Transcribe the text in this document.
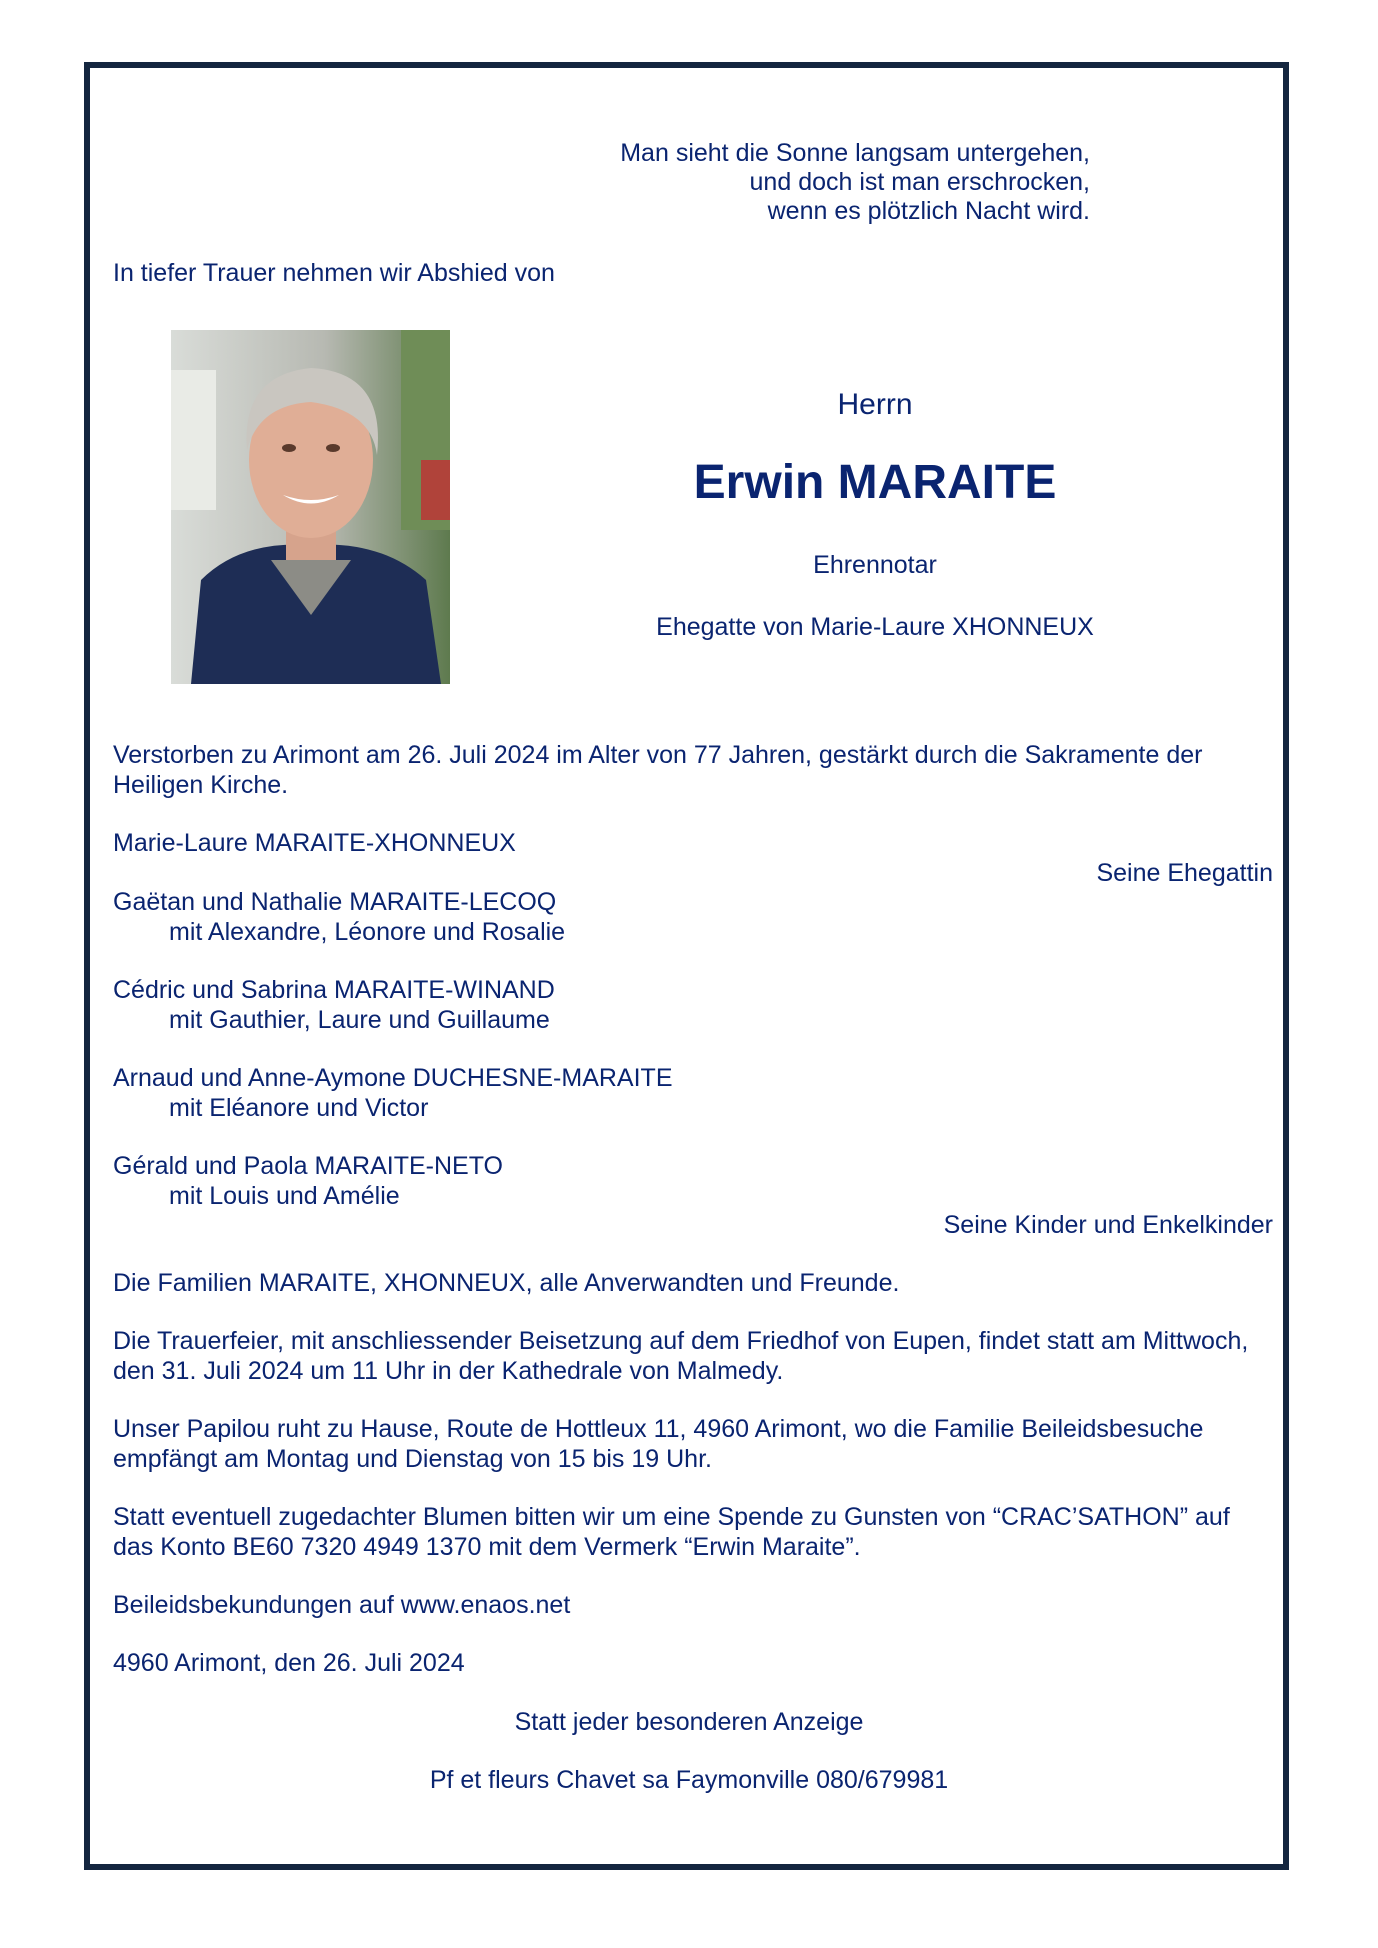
Man sieht die Sonne langsam untergehen,
und doch ist man erschrocken,
wenn es plötzlich Nacht wird.
In tiefer Trauer nehmen wir Abshied von
Herrn
Erwin MARAITE
Ehrennotar
Ehegatte von Marie-Laure XHONNEUX
Verstorben zu Arimont am 26. Juli 2024 im Alter von 77 Jahren, gestärkt durch die Sakramente der Heiligen Kirche.
Marie-Laure MARAITE-XHONNEUX
Seine Ehegattin
Gaëtan und Nathalie MARAITE-LECOQ
mit Alexandre, Léonore und Rosalie
Cédric und Sabrina MARAITE-WINAND
mit Gauthier, Laure und Guillaume
Arnaud und Anne-Aymone DUCHESNE-MARAITE
mit Eléanore und Victor
Gérald und Paola MARAITE-NETO
mit Louis und Amélie
Seine Kinder und Enkelkinder
Die Familien MARAITE, XHONNEUX, alle Anverwandten und Freunde.
Die Trauerfeier, mit anschliessender Beisetzung auf dem Friedhof von Eupen, findet statt am Mittwoch, den 31. Juli 2024 um 11 Uhr in der Kathedrale von Malmedy.
Unser Papilou ruht zu Hause, Route de Hottleux 11, 4960 Arimont, wo die Familie Beileidsbesuche empfängt am Montag und Dienstag von 15 bis 19 Uhr.
Statt eventuell zugedachter Blumen bitten wir um eine Spende zu Gunsten von “CRAC’SATHON” auf das Konto BE60 7320 4949 1370 mit dem Vermerk “Erwin Maraite”.
Beileidsbekundungen auf www.enaos.net
4960 Arimont, den 26. Juli 2024
Statt jeder besonderen Anzeige
Pf et fleurs Chavet sa Faymonville 080/679981
